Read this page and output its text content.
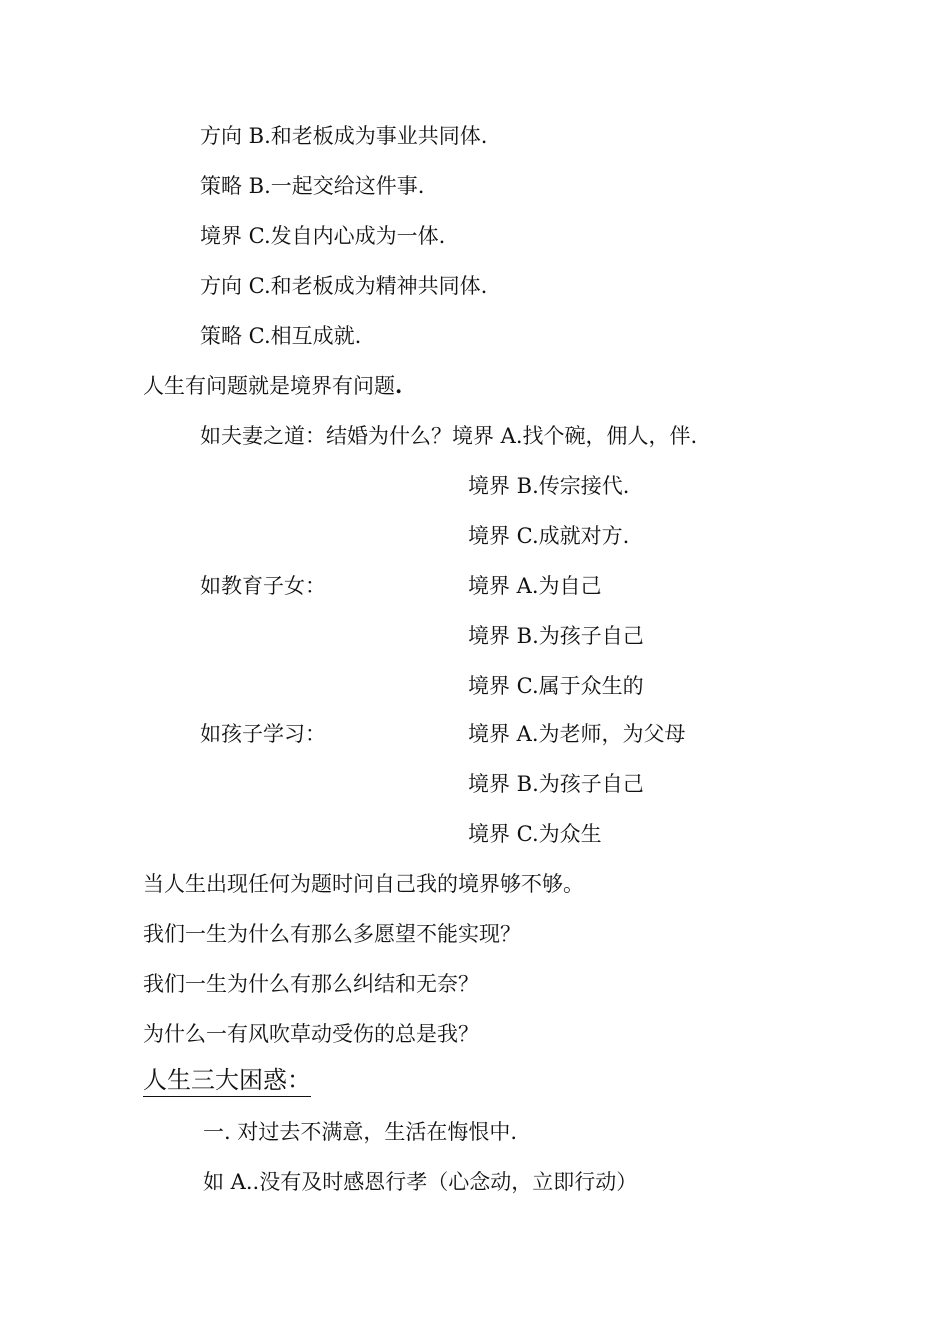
方向 B.和老板成为事业共同体.
策略 B.一起交给这件事.
境界 C.发自内心成为一体.
方向 C.和老板成为精神共同体.
策略 C.相互成就.
人生有问题就是境界有问题.
如夫妻之道：结婚为什么？境界 A.找个碗，佣人，伴.
境界 B.传宗接代.
境界 C.成就对方.
如教育子女：	境界 A.为自己
境界 B.为孩子自己
境界 C.属于众生的
如孩子学习：	境界 A.为老师，为父母
境界 B.为孩子自己
境界 C.为众生
当人生出现任何为题时问自己我的境界够不够。
我们一生为什么有那么多愿望不能实现？
我们一生为什么有那么纠结和无奈？
为什么一有风吹草动受伤的总是我？
人生三大困惑：
一. 对过去不满意，生活在悔恨中.
如 A..没有及时感恩行孝（心念动，立即行动）
